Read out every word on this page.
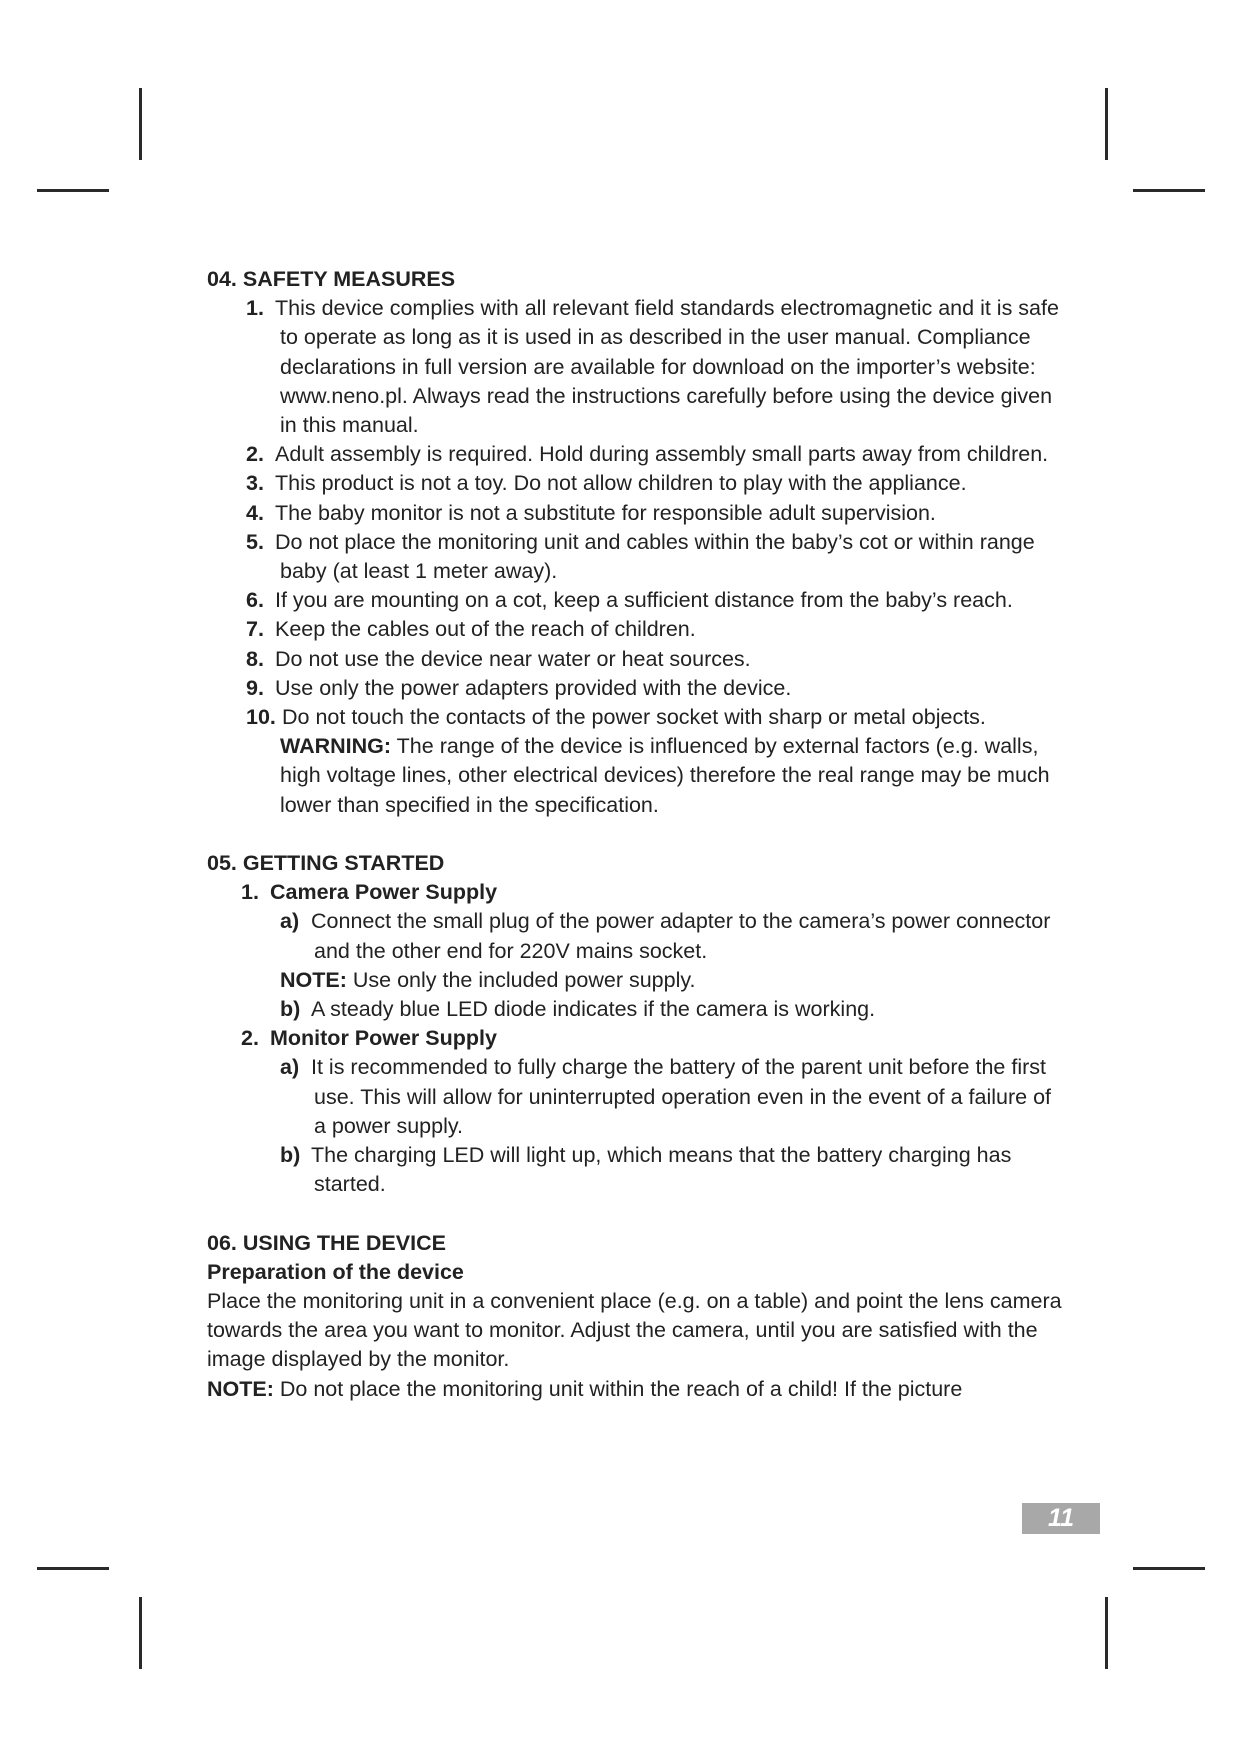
04. SAFETY MEASURES

1. This device complies with all relevant field standards electromagnetic and it is safe to operate as long as it is used in as described in the user manual. Compliance declarations in full version are available for download on the importer’s website: www.neno.pl. Always read the instructions carefully before using the device given in this manual.
2. Adult assembly is required. Hold during assembly small parts away from children.
3. This product is not a toy. Do not allow children to play with the appliance.
4. The baby monitor is not a substitute for responsible adult supervision.
5. Do not place the monitoring unit and cables within the baby’s cot or within range baby (at least 1 meter away).
6. If you are mounting on a cot, keep a sufficient distance from the baby’s reach.
7. Keep the cables out of the reach of children.
8. Do not use the device near water or heat sources.
9. Use only the power adapters provided with the device.
10. Do not touch the contacts of the power socket with sharp or metal objects.

WARNING: The range of the device is influenced by external factors (e.g. walls, high voltage lines, other electrical devices) therefore the real range may be much lower than specified in the specification.

05. GETTING STARTED

1. Camera Power Supply

a) Connect the small plug of the power adapter to the camera’s power connector and the other end for 220V mains socket.

NOTE: Use only the included power supply.

b) A steady blue LED diode indicates if the camera is working.

2. Monitor Power Supply

a) It is recommended to fully charge the battery of the parent unit before the first use. This will allow for uninterrupted operation even in the event of a failure of a power supply.

b) The charging LED will light up, which means that the battery charging has started.

06. USING THE DEVICE

Preparation of the device

Place the monitoring unit in a convenient place (e.g. on a table) and point the lens camera towards the area you want to monitor. Adjust the camera, until you are satisfied with the image displayed by the monitor.

NOTE: Do not place the monitoring unit within the reach of a child! If the picture

11
